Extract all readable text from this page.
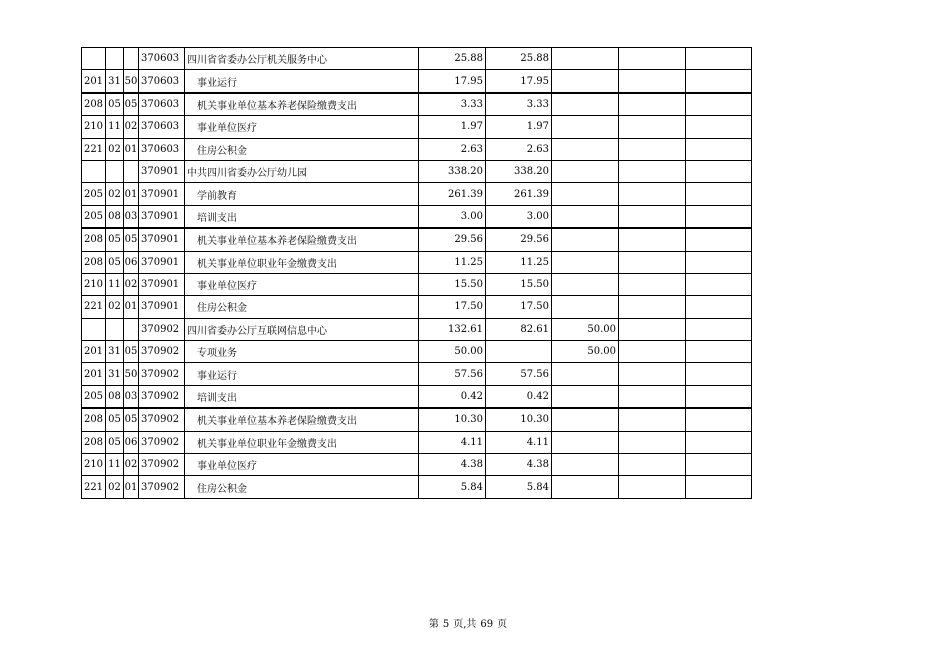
			370603	四川省省委办公厅机关服务中心	25.88	25.88			
201	31	50	370603	事业运行	17.95	17.95			
208	05	05	370603	机关事业单位基本养老保险缴费支出	3.33	3.33			
210	11	02	370603	事业单位医疗	1.97	1.97			
221	02	01	370603	住房公积金	2.63	2.63			
			370901	中共四川省委办公厅幼儿园	338.20	338.20			
205	02	01	370901	学前教育	261.39	261.39			
205	08	03	370901	培训支出	3.00	3.00			
208	05	05	370901	机关事业单位基本养老保险缴费支出	29.56	29.56			
208	05	06	370901	机关事业单位职业年金缴费支出	11.25	11.25			
210	11	02	370901	事业单位医疗	15.50	15.50			
221	02	01	370901	住房公积金	17.50	17.50			
			370902	四川省委办公厅互联网信息中心	132.61	82.61	50.00		
201	31	05	370902	专项业务	50.00		50.00		
201	31	50	370902	事业运行	57.56	57.56			
205	08	03	370902	培训支出	0.42	0.42			
208	05	05	370902	机关事业单位基本养老保险缴费支出	10.30	10.30			
208	05	06	370902	机关事业单位职业年金缴费支出	4.11	4.11			
210	11	02	370902	事业单位医疗	4.38	4.38			
221	02	01	370902	住房公积金	5.84	5.84			
第 5 页,共 69 页
